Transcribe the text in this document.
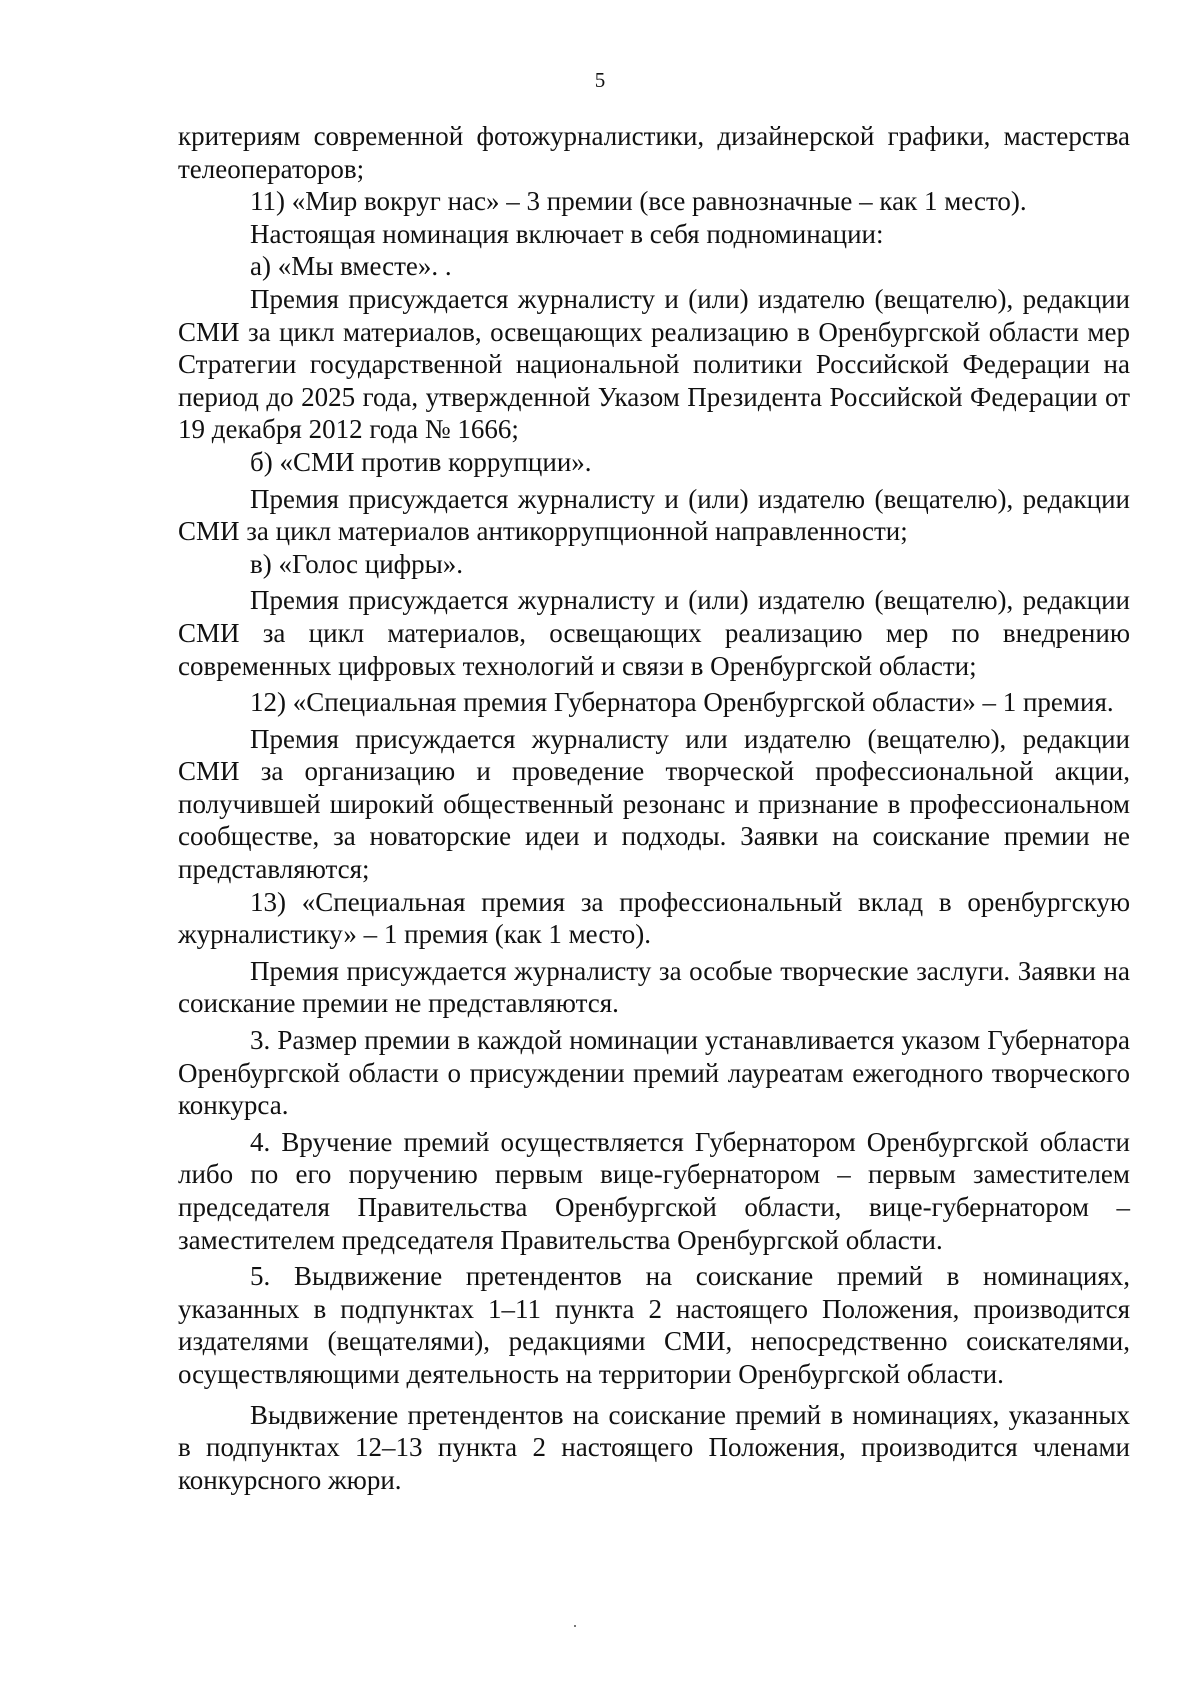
5

критериям современной фотожурналистики, дизайнерской графики, мастерства телеоператоров;

11) «Мир вокруг нас» – 3 премии (все равнозначные – как 1 место).

Настоящая номинация включает в себя подноминации:

а) «Мы вместе». .

Премия присуждается журналисту и (или) издателю (вещателю), редакции СМИ за цикл материалов, освещающих реализацию в Оренбургской области мер Стратегии государственной национальной политики Российской Федерации на период до 2025 года, утвержденной Указом Президента Российской Федерации от 19 декабря 2012 года № 1666;

б) «СМИ против коррупции».

Премия присуждается журналисту и (или) издателю (вещателю), редакции СМИ за цикл материалов антикоррупционной направленности;

в) «Голос цифры».

Премия присуждается журналисту и (или) издателю (вещателю), редакции СМИ за цикл материалов, освещающих реализацию мер по внедрению современных цифровых технологий и связи в Оренбургской области;

12) «Специальная премия Губернатора Оренбургской области» – 1 премия.

Премия присуждается журналисту или издателю (вещателю), редакции СМИ за организацию и проведение творческой профессиональной акции, получившей широкий общественный резонанс и признание в профессиональном сообществе, за новаторские идеи и подходы. Заявки на соискание премии не представляются;

13) «Специальная премия за профессиональный вклад в оренбургскую журналистику» – 1 премия (как 1 место).

Премия присуждается журналисту за особые творческие заслуги. Заявки на соискание премии не представляются.

3. Размер премии в каждой номинации устанавливается указом Губернатора Оренбургской области о присуждении премий лауреатам ежегодного творческого конкурса.

4. Вручение премий осуществляется Губернатором Оренбургской области либо по его поручению первым вице-губернатором – первым заместителем председателя Правительства Оренбургской области, вице-губернатором – заместителем председателя Правительства Оренбургской области.

5. Выдвижение претендентов на соискание премий в номинациях, указанных в подпунктах 1–11 пункта 2 настоящего Положения, производится издателями (вещателями), редакциями СМИ, непосредственно соискателями, осуществляющими деятельность на территории Оренбургской области.

Выдвижение претендентов на соискание премий в номинациях, указанных в подпунктах 12–13 пункта 2 настоящего Положения, производится членами конкурсного жюри.
